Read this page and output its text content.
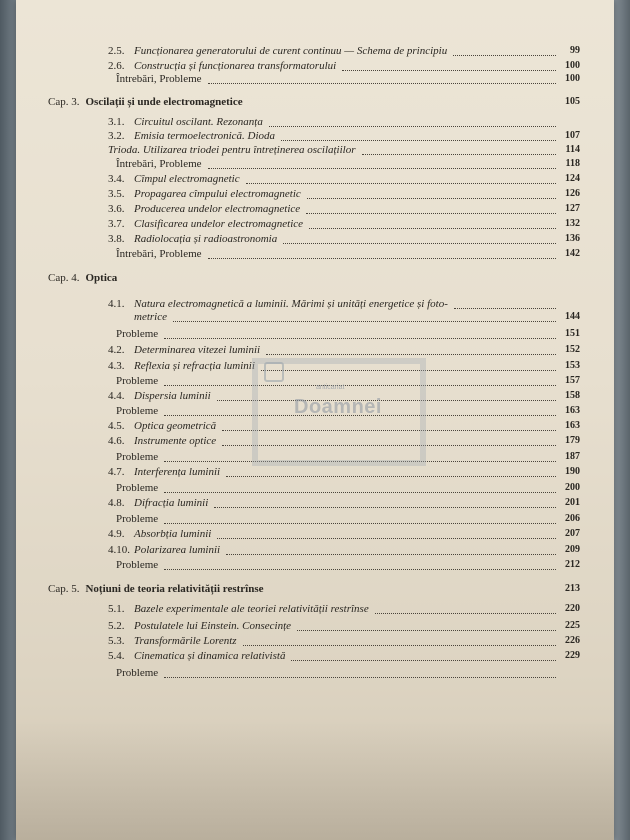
2.5. Funcționarea generatorului de curent continuu — Schema de principiu	99
2.6. Construcția și funcționarea transformatorului	100
Întrebări, Probleme	100
Cap. 3. Oscilații și unde electromagnetice	105
3.1. Circuitul oscilant. Rezonanța
3.2. Emisia termoelectronică. Dioda	107
Trioda. Utilizarea triodei pentru întreținerea oscilațiilor	114
Întrebări, Probleme	118
3.4. Cîmpul electromagnetic	124
3.5. Propagarea cîmpului electromagnetic	126
3.6. Producerea undelor electromagnetice	127
3.7. Clasificarea undelor electromagnetice	132
3.8. Radiolocația și radioastronomia	136
Întrebări, Probleme	142
Cap. 4. Optica
4.1. Natura electromagnetică a luminii. Mărimi și unități energetice și foto-
metrice	144
Probleme	151
4.2. Determinarea vitezei luminii	152
4.3. Reflexia și refracția luminii	153
Probleme	157
4.4. Dispersia luminii	158
Probleme	163
4.5. Optica geometrică	163
4.6. Instrumente optice	179
Probleme	187
4.7. Interferența luminii	190
Probleme	200
4.8. Difracția luminii	201
Probleme	206
4.9. Absorbția luminii	207
4.10. Polarizarea luminii	209
Probleme	212
Cap. 5. Noțiuni de teoria relativității restrînse	213
5.1. Bazele experimentale ale teoriei relativității restrînse	220
5.2. Postulatele lui Einstein. Consecințe	225
5.3. Transformările Lorentz	226
5.4. Cinematica și dinamica relativistă	229
Probleme
anticariat
Doamnei
